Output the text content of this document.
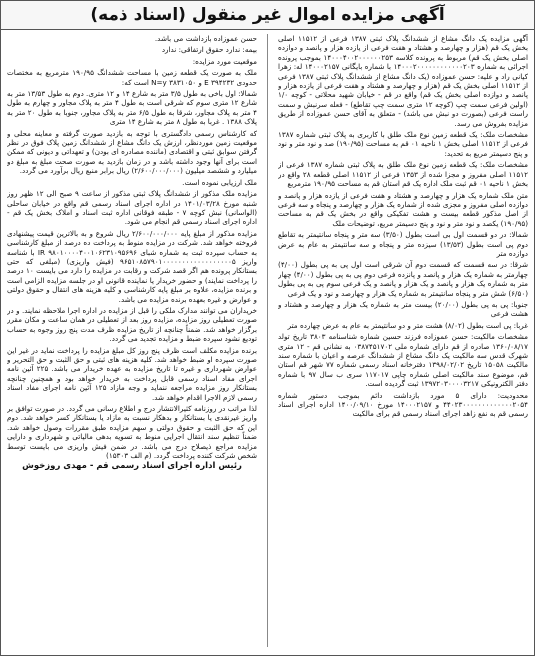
آگهی مزایده اموال غیر منقول (اسناد ذمه)

آگهی مزایده یک دانگ مشاع از ششدانگ پلاک ثبتی ۱۳۸۷ فرعی از ۱۱۵۱۲ اصلی بخش یک قم (هزار و چهارصد و هشتاد و هفت فرعی از یازده هزار و پانصد و دوازده اصلی بخش یک قم) مربوط به پرونده کلاسه ۱۴۰۰۰۴۰۰۲۰۰۰۰۰۰۲۵۳ بموجب پرونده اجرائی به شماره ۱۴۰۰۰۲۰۰۰۰۰۰۰۰۰۰۰۰۲۰۳ با شماره بایگانی ۱۴۰۰۰۲۱۵۷ له: زهرا کیانی راد و علیه: حسن عموزاده (یک دانگ مشاع از ششدانگ پلاک ثبتی ۱۳۸۷ فرعی از ۱۱۵۱۲ اصلی بخش یک قم (هزار و چهارصد و هشتاد و هفت فرعی از یازده هزار و پانصد و دوازده اصلی بخش یک قم) واقع در قم - خیابان شهید محلاتی - کوچه ۱/۰ (اولین فرعی سمت چپ (کوچه ۱۲ متری سمت چپ تقاطع) - فعله سرنبش و سمت راست فرعی (بصورت دو نبش می باشد) - متعلق به آقای حسن عموزاده از طریق مزایده بفروش می رسد.

مشخصات ملک: یک قطعه زمین نوع ملک طلق با کاربری به پلاک ثبتی شماره ۱۳۸۷ فرعی از ۱۱۵۱۲ اصلی بخش ۱ ناحیه ۰۱ قم به مساحت (۱۹۰/۹۵) صد و نود متر و نود و پنج دسیمتر مربع به تحدید:

مشخصات ملک: یک قطعه زمین نوع ملک طلق به پلاک ثبتی شماره ۱۳۸۷ فرعی از ۱۱۵۱۲ اصلی مفروز و مجزا شده از ۱۳۵۳ فرعی از ۱۱۵۱۲ اصلی قطعه ۲۸ واقع در بخش ۱ ناحیه ۰۱ قم ثبت ملک اداره یک قم استان قم به مساحت ۱۹۰/۹۵ مترمربع

متن ملک شماره یک هزار و چهارصد و هشتاد و هفت فرعی از یازده هزار و پانصد و دوازده اصلی مفروز و مجزی شده از شماره یک هزار و چهارصد و پنجاه و سه فرعی از اصل مذکور قطعه بیست و هشت تفکیکی واقع در بخش یک قم به مساحت (۱۹۰/۹۵) یکصد و نود متر و نود و پنج دسیمتر مربع، توضیحات ملک

شمالا: در دو قسمت اول بی است بطول (۳/۵۰) سه متر و پنجاه سانتیمتر به تقاطع دوم پی است بطول (۱۳/۵۳) سیزده متر و پنجاه و سه سانتیمتر به عام به عرض دوازده متر

شرقا: در سه قسمت که قسمت دوم آن شرقی است اول پی به پی بطول (۴/۰۰) چهارمتر به شماره یک هزار و پانصد و پانزده فرعی دوم پی به پی بطول (۴/۰۰) چهار متر به شماره یک هزار و پانصد و یک هزار و پانصد و یک فرعی سوم پی به پی بطول (۶/۵۰) شش متر و پنجاه سانتیمتر به شماره یک هزار و چهارصد و نود و یک فرعی

جنوبا: پی به پی بطول (۲۰/۰۰) بیست متر به شماره یک هزار و چهارصد و هشتاد و هشت فرعی

غربا: پی است بطول (۸/۰۲) هشت متر و دو سانتیمتر به عام به عرض چهارده متر

مشخصات مالکیت: حسن عموزاده فرزند حسین شماره شناسنامه ۳۸۰۳ تاریخ تولد ۱۳۶۰/۰۸/۱۷ صادره از قم دارای شماره ملی ۰۳۸۷۴۵۱۷۰۲ به نشانی قم - ۱۲ متری شهرک قدس سه مالکیت یک دانگ مشاع از ششدانگ عرصه و اعیان با شماره سند مالکیت ۱۵۰۵۸ تاریخ ۱۳۹۸/۰۲/۰۲ دفترخانه اسناد رسمی شماره ۷۷ شهر قم استان قم، موضوع سند مالکیت اصلی شماره چاپی ۱۱۷۰۱۷ سری ب سال ۹۷ با شماره دفتر الکترونیکی ۱۳۹۷۲۰۳۰۰۰۰۳۲۱۷ ثبت گردیده است.

محدودیت: دارای ۵ مورد بازداشت دائم بموجب دستور شماره ۴۴۰۲۳۰۰۰۰۰۰۰۰۰۰۰۰۰۲۰۵۴ و ۱۴۰۰۰۲۱۵۷ مورخ ۱۴۰۰/۰۹/۱۰ اداره اجرای اسناد رسمی قم به نفع زاهد اجرای اسناد رسمی قم برای مالکیت

حسن عموزاده بازداشت می باشد.

بیمه: ندارد حقوق ارتفاقی: ندارد

موقعیت مورد مزایده:

ملک به صورت یک قطعه زمین با مساحت ششدانگ ۱۹۰/۹۵ مترمربع به مختصات حدودی ۳۹۴۲۳۲ E و ۳۸۳۱۰۵۰ N=y است که:

شمالا: اول باخی به طول ۳/۵ متر به شارع ۱۴ و ۱۲ متری. دوم به طول ۱۳/۵۳ متر به شارع ۱۲ متری سوم که شرقی است به طول ۴ متر به پلاک مجاور و چهارم به طول ۴ متر به پلاک مجاور، شرقا به طول ۶/۵ متر به پلاک مجاور، جنوبا به طول ۲۰ متر به پلاک ۱۳۸۸ . غربا به طول ۸ متر به شارع ۱۴ متری

که کارشناس رسمی دادگستری با توجه به بازدید صورت گرفته و معاینه محلی و موقعیت زمین موردنظر، ارزش یک دانگ مشاع از ششدانگ زمین پلاک فوق در نظر گرفتن سوابق ثبتی و اقتصادی (ماننده مصادره ای بودن) و تعهداتی و دیونی که ممکن است برای آنها وجود داشته باشد و در زمان بازدید به صورت صحت مبلغ به مبلغ دو میلیارد و ششصد میلیون (۲/۶۰۰/۰۰۰/۰۰۰) ریال برابر منبع ریال برآورد می گردد.

ملک ارزیابی نموده است.

مزایده ملک مذکور از ششدانگ پلاک ثبتی مذکور از ساعت ۹ صبح الی ۱۲ ظهر روز شنبه مورخ ۱۴۰۱/۰۳/۲۸ در اداره اجرای اسناد رسمی قم واقع در خیابان ساحلی (الواسانی) نبش کوچه ۷ - طبقه فوقانی اداره ثبت اسناد و املاک بخش یک قم - اداره اجرای اسناد رسمی قم انجام می شود.

مزایده مذکور از مبلغ پایه ۲/۶۰۰/۰۰۰/۰۰۰ ریال شروع و به بالاترین قیمت پیشنهادی فروخته خواهد شد. شرکت در مزایده منوط به پرداخت ده درصد از مبلغ کارشناسی به حساب سپرده ثبت به شماره شبای IR ۹۸۰۱۰۰۰۰۴۰۰۱۰۶۲۳۱۰۹۵۶۹۶ با شناسه واریز ۹۶۵۱۰۸۵۷۹۰۱۰۰۰۰۰۰۰۰۰۰۰۰۰۰۰۰۰۰۵ (فیش واریزی) (مبلغی که حتی بستانکار پرونده هم اگر قصد شرکت و رقابت در مزایده را دارد می بایست ۱۰ درصد را پرداخت نمایند) و حضور خریدار یا نماینده قانونی او در جلسه مزایده الزامی است و برنده مزایده، علاوه بر مبلغ پایه کارشناسی و کلیه هزینه های انتقال و حقوق دولتی و عوارض و غیره بعهده برنده مزایده می باشد.

خریداران می توانند مدارک ملکی را قبل از مزایده در اداره اجرا ملاحظه نمایند. و در صورت تعطیلی روز مزایده، مزایده روز بعد از تعطیلی در همان ساعت و مکان مقرر برگزار خواهد شد. ضمناً چنانچه از تاریخ مزایده ظرف مدت پنج روز وجوه به حساب تودیع نشود سپرده ضبط و مزایده تجدید می گردد.

برنده مزایده مکلف است ظرف پنج روز کل مبلغ مزایده را پرداخت نماید در غیر این صورت سپرده او ضبط خواهد شد. کلیه هزینه های ثبتی و حق الثبت و حق التحریر و عوارض شهرداری و غیره تا تاریخ مزایده به عهده خریدار می باشد. ۲۲۵ آئین نامه اجرای مفاد اسناد رسمی قابل پرداخت به خریدار خواهد بود و همچنین چنانچه بستانکار روز مزایده مراجعه ننماید و وجه مازاد ۱۲۵ آئین نامه اجرای مفاد اسناد رسمی لازم الاجرا اقدام خواهد شد.

لذا مراتب در روزنامه کثیرالانتشار درج و اطلاع رسانی می گردد. در صورت توافق بر واریز غیرنقدی یا بستانکار و بدهکار نسبت به مازاد یا بستانکار کسر خواهد شد. دوم این که حق الثبت و حقوق دولتی و سهم مزایده طبق مقررات وصول خواهد شد. ضمناً تنظیم سند انتقال اجرایی منوط به تسویه بدهی مالیاتی و شهرداری و دارایی مزایده مراجع ذیصلاح درج می باشد. در ضمن فیش واریزی می بایست توسط شخص شرکت کننده پرداخت گردد. (م الف ۱۵۳۰۳)

رئیس اداره اجرای اسناد رسمی قم - مهدی روزخوش
